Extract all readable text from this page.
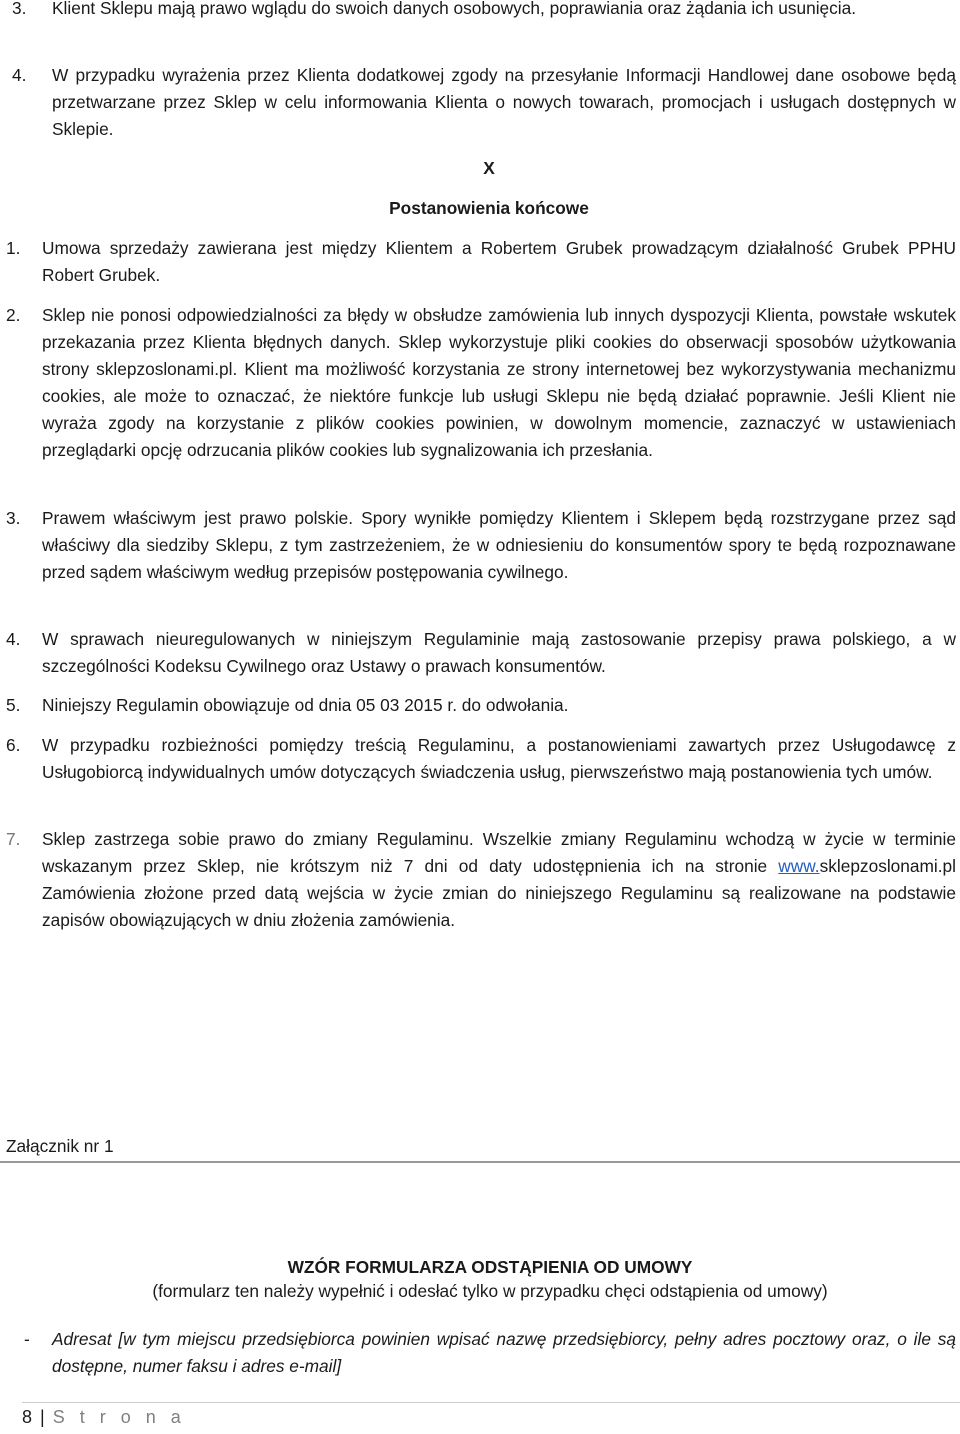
3. Klient Sklepu mają prawo wglądu do swoich danych osobowych, poprawiania oraz żądania ich usunięcia.
4. W przypadku wyrażenia przez Klienta dodatkowej zgody na przesyłanie Informacji Handlowej dane osobowe będą przetwarzane przez Sklep w celu informowania Klienta o nowych towarach, promocjach i usługach dostępnych w Sklepie.
X
Postanowienia końcowe
1. Umowa sprzedaży zawierana jest między Klientem a Robertem Grubek prowadzącym działalność Grubek PPHU Robert Grubek.
2. Sklep nie ponosi odpowiedzialności za błędy w obsłudze zamówienia lub innych dyspozycji Klienta, powstałe wskutek przekazania przez Klienta błędnych danych. Sklep wykorzystuje pliki cookies do obserwacji sposobów użytkowania strony sklepzoslonami.pl. Klient ma możliwość korzystania ze strony internetowej bez wykorzystywania mechanizmu cookies, ale może to oznaczać, że niektóre funkcje lub usługi Sklepu nie będą działać poprawnie. Jeśli Klient nie wyraża zgody na korzystanie z plików cookies powinien, w dowolnym momencie, zaznaczyć w ustawieniach przeglądarki opcję odrzucania plików cookies lub sygnalizowania ich przesłania.
3. Prawem właściwym jest prawo polskie. Spory wynikłe pomiędzy Klientem i Sklepem będą rozstrzygane przez sąd właściwy dla siedziby Sklepu, z tym zastrzeżeniem, że w odniesieniu do konsumentów spory te będą rozpoznawane przed sądem właściwym według przepisów postępowania cywilnego.
4. W sprawach nieuregulowanych w niniejszym Regulaminie mają zastosowanie przepisy prawa polskiego, a w szczególności Kodeksu Cywilnego oraz Ustawy o prawach konsumentów.
5. Niniejszy Regulamin obowiązuje od dnia 05 03 2015 r. do odwołania.
6. W przypadku rozbieżności pomiędzy treścią Regulaminu, a postanowieniami zawartych przez Usługodawcę z Usługobiorcą indywidualnych umów dotyczących świadczenia usług, pierwszeństwo mają postanowienia tych umów.
7. Sklep zastrzega sobie prawo do zmiany Regulaminu. Wszelkie zmiany Regulaminu wchodzą w życie w terminie wskazanym przez Sklep, nie krótszym niż 7 dni od daty udostępnienia ich na stronie www.sklepzoslonami.pl Zamówienia złożone przed datą wejścia w życie zmian do niniejszego Regulaminu są realizowane na podstawie zapisów obowiązujących w dniu złożenia zamówienia.
Załącznik nr 1
WZÓR FORMULARZA ODSTĄPIENIA OD UMOWY
(formularz ten należy wypełnić i odesłać tylko w przypadku chęci odstąpienia od umowy)
- Adresat [w tym miejscu przedsiębiorca powinien wpisać nazwę przedsiębiorcy, pełny adres pocztowy oraz, o ile są dostępne, numer faksu i adres e-mail]
8 | S t r o n a
